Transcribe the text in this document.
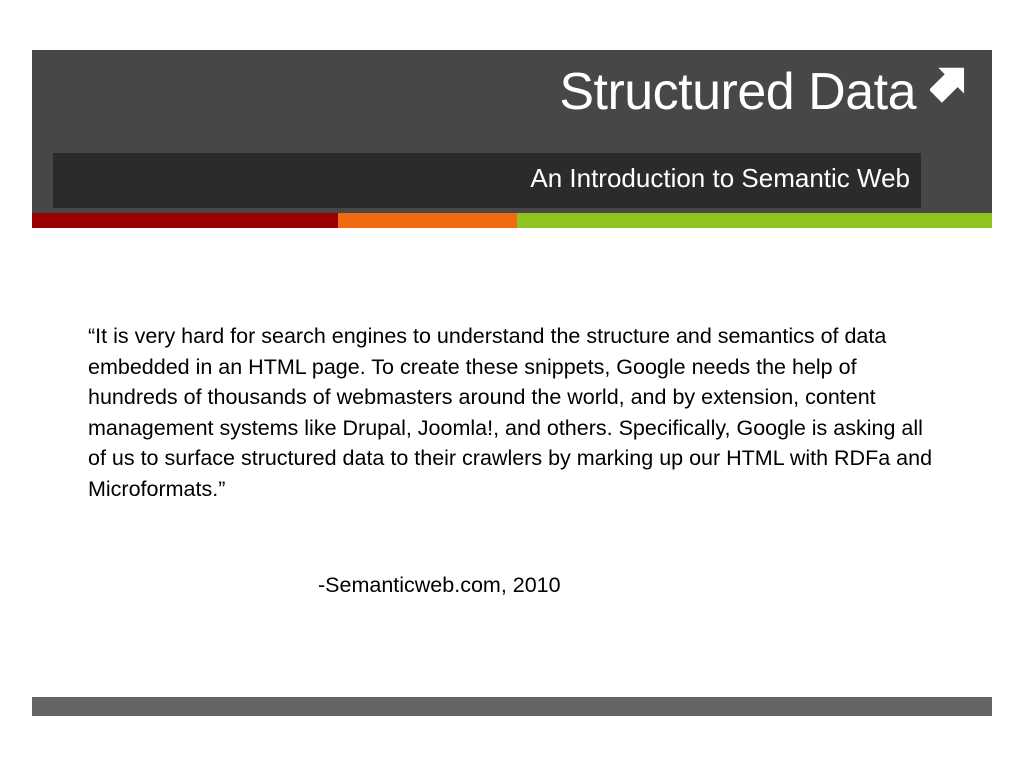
Structured Data
An Introduction to Semantic Web

“It is very hard for search engines to understand the structure and semantics of data embedded in an HTML page. To create these snippets, Google needs the help of hundreds of thousands of webmasters around the world, and by extension, content management systems like Drupal, Joomla!, and others. Specifically, Google is asking all of us to surface structured data to their crawlers by marking up our HTML with RDFa and Microformats.”

-Semanticweb.com, 2010
